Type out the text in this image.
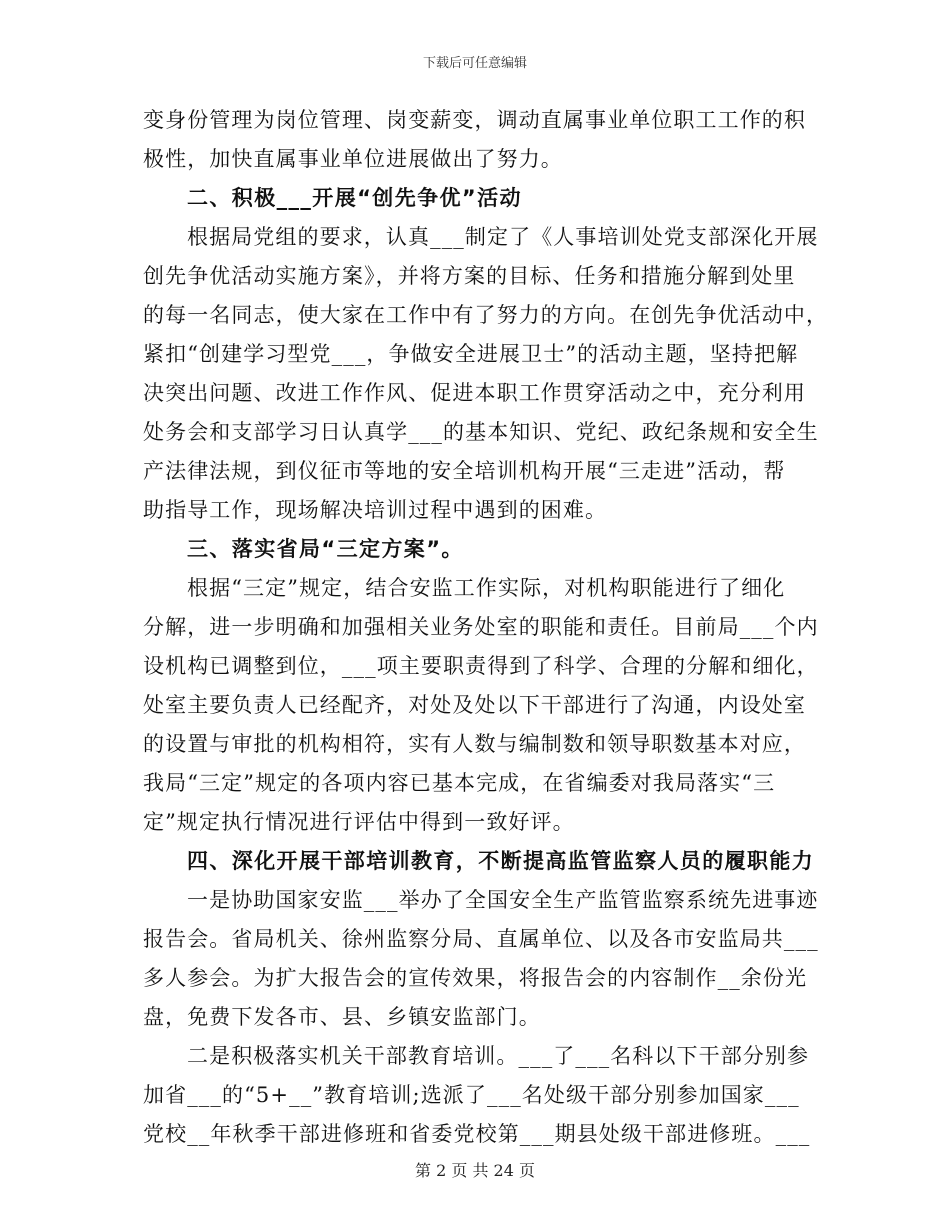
下载后可任意编辑
变身份管理为岗位管理、岗变薪变，调动直属事业单位职工工作的积
极性，加快直属事业单位进展做出了努力。
二、积极___开展“创先争优”活动
根据局党组的要求，认真___制定了《人事培训处党支部深化开展
创先争优活动实施方案》，并将方案的目标、任务和措施分解到处里
的每一名同志，使大家在工作中有了努力的方向。在创先争优活动中，
紧扣“创建学习型党___，争做安全进展卫士”的活动主题，坚持把解
决突出问题、改进工作作风、促进本职工作贯穿活动之中，充分利用
处务会和支部学习日认真学___的基本知识、党纪、政纪条规和安全生
产法律法规，到仪征市等地的安全培训机构开展“三走进”活动，帮
助指导工作，现场解决培训过程中遇到的困难。
三、落实省局“三定方案”。
根据“三定”规定，结合安监工作实际，对机构职能进行了细化
分解，进一步明确和加强相关业务处室的职能和责任。目前局___个内
设机构已调整到位，___项主要职责得到了科学、合理的分解和细化，
处室主要负责人已经配齐，对处及处以下干部进行了沟通，内设处室
的设置与审批的机构相符，实有人数与编制数和领导职数基本对应，
我局“三定”规定的各项内容已基本完成，在省编委对我局落实“三
定”规定执行情况进行评估中得到一致好评。
四、深化开展干部培训教育，不断提高监管监察人员的履职能力
一是协助国家安监___举办了全国安全生产监管监察系统先进事迹
报告会。省局机关、徐州监察分局、直属单位、以及各市安监局共___
多人参会。为扩大报告会的宣传效果，将报告会的内容制作__余份光
盘，免费下发各市、县、乡镇安监部门。
二是积极落实机关干部教育培训。___了___名科以下干部分别参
加省___的“5+__”教育培训;选派了___名处级干部分别参加国家___
党校__年秋季干部进修班和省委党校第___期县处级干部进修班。___
第 2 页 共 24 页
